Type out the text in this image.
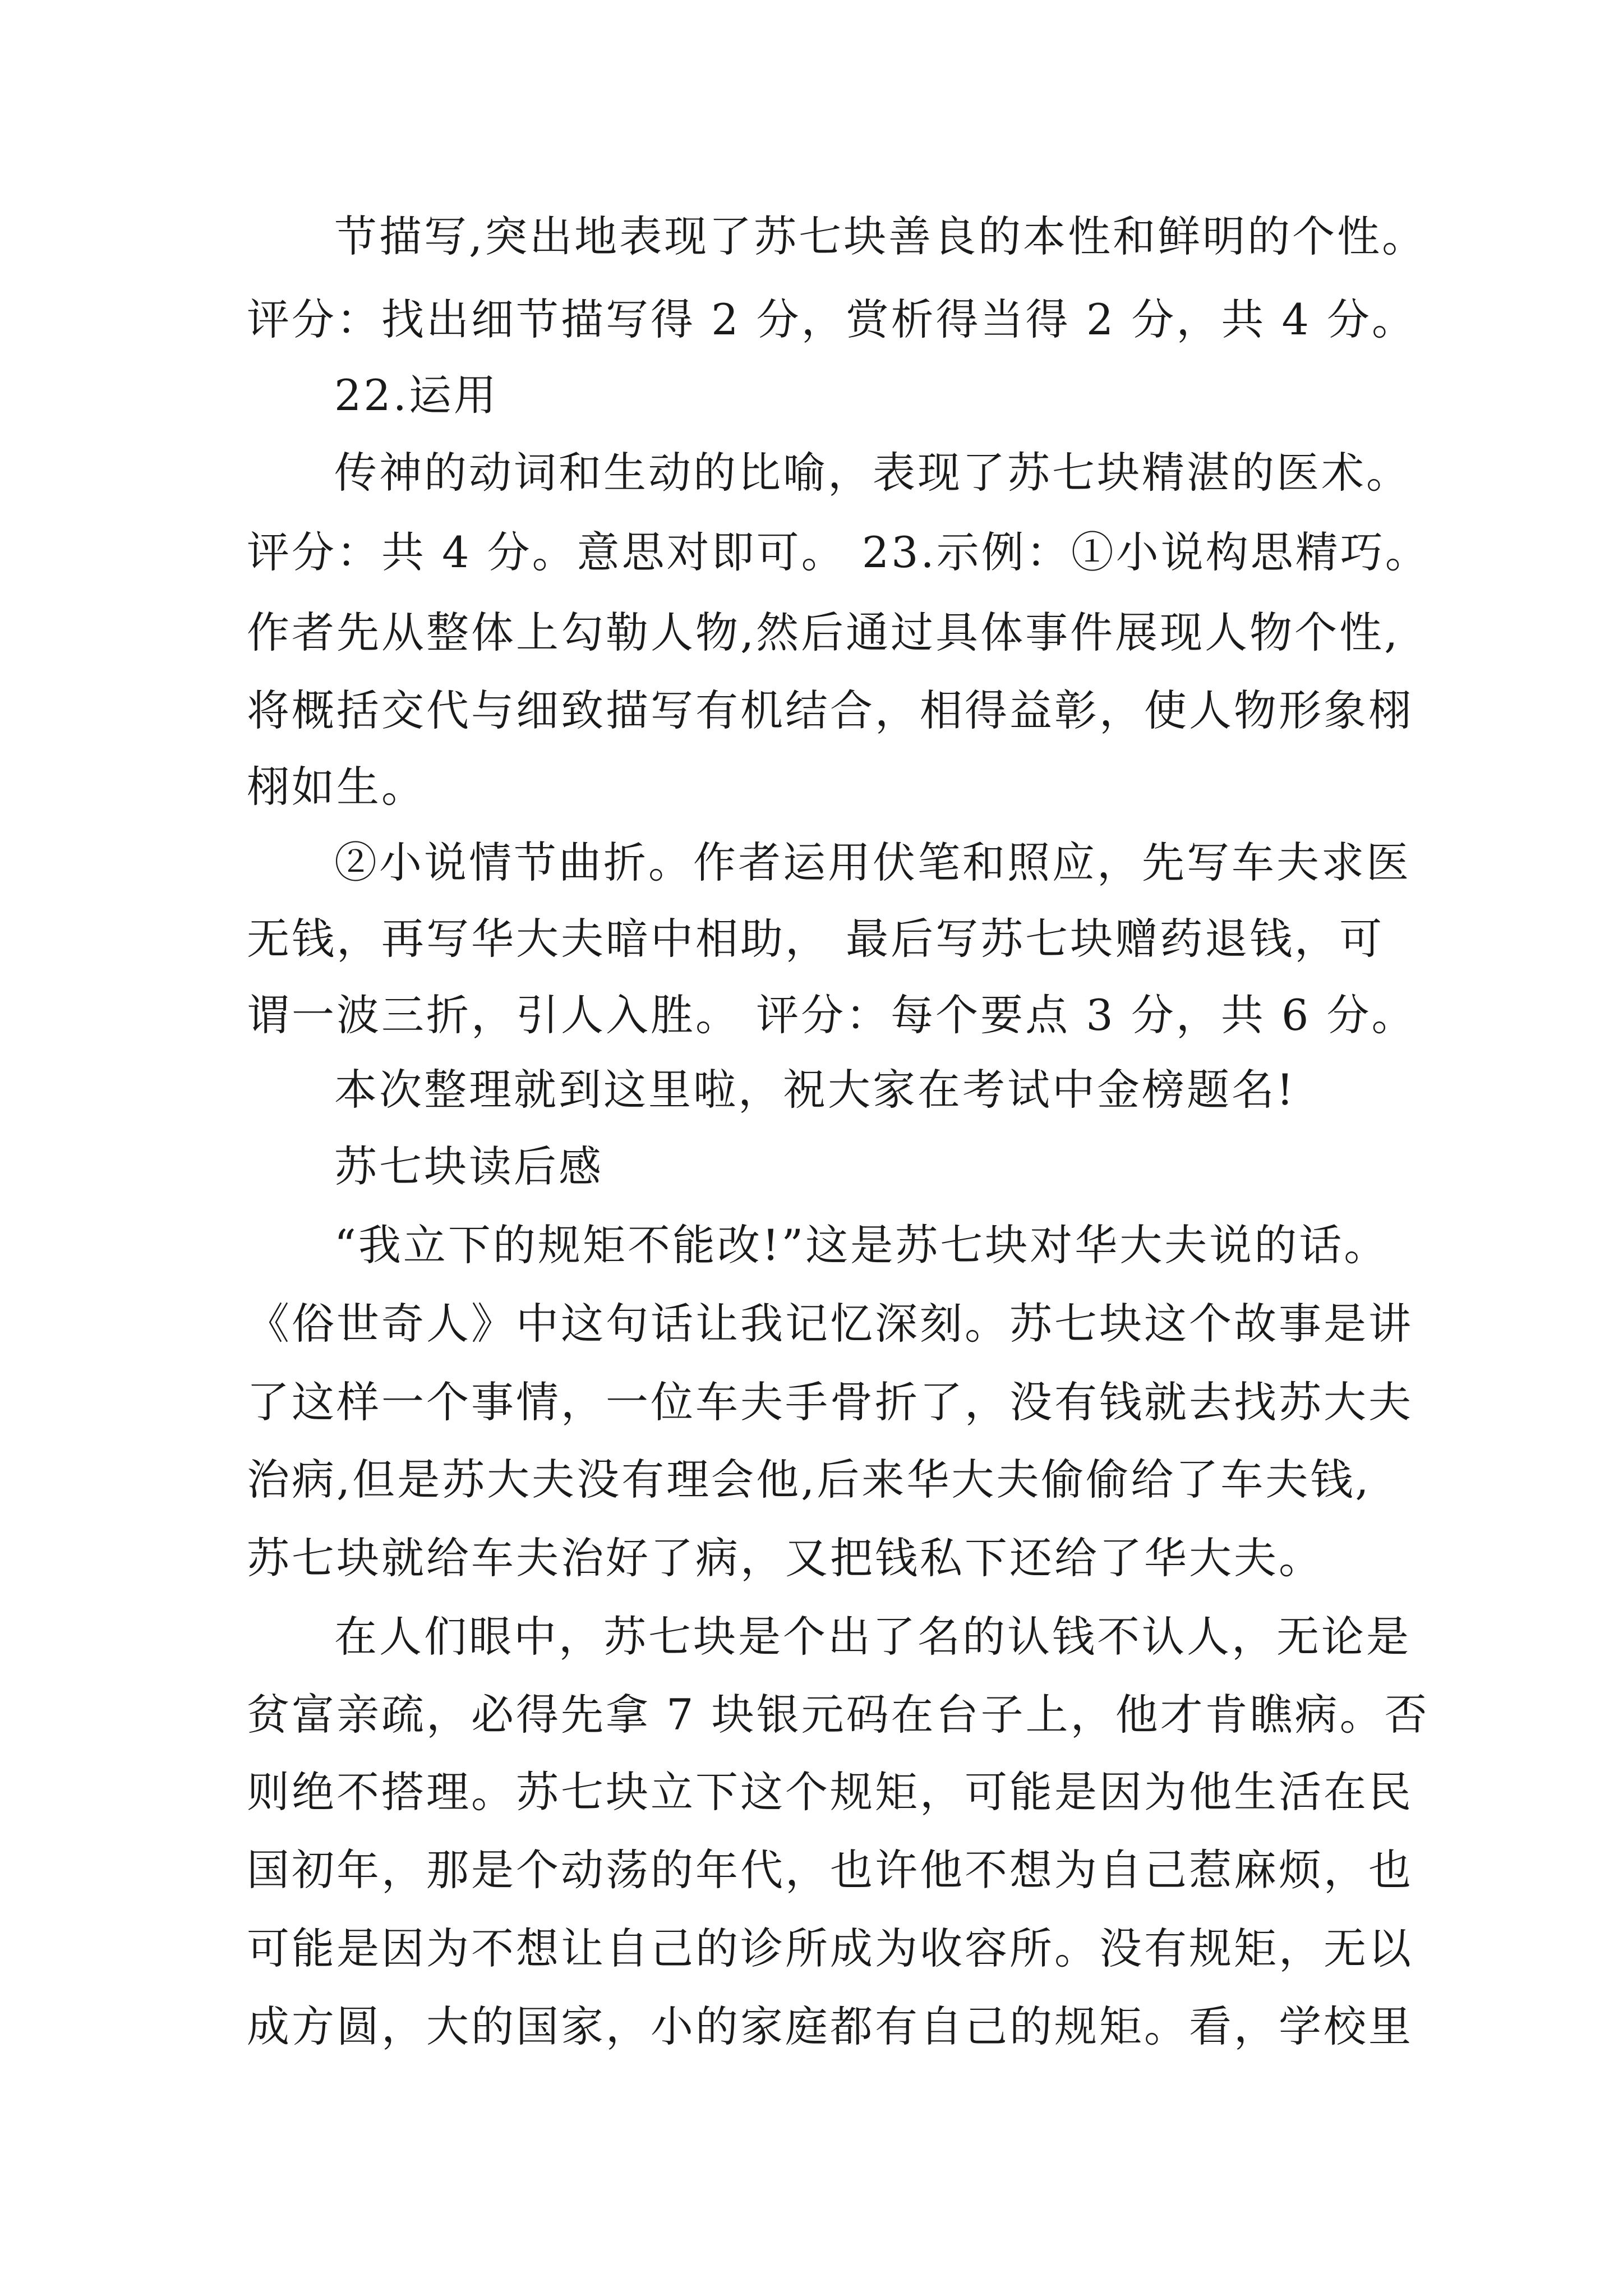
节描写,突出地表现了苏七块善良的本性和鲜明的个性。
评分：找出细节描写得 2 分，赏析得当得 2 分，共 4 分。
22.运用
传神的动词和生动的比喻，表现了苏七块精湛的医术。
评分：共 4 分。意思对即可。 23.示例：①小说构思精巧。
作者先从整体上勾勒人物,然后通过具体事件展现人物个性,
将概括交代与细致描写有机结合，相得益彰，使人物形象栩
栩如生。
②小说情节曲折。作者运用伏笔和照应，先写车夫求医
无钱，再写华大夫暗中相助， 最后写苏七块赠药退钱，可
谓一波三折，引人入胜。 评分：每个要点 3 分，共 6 分。
本次整理就到这里啦，祝大家在考试中金榜题名!
苏七块读后感
“我立下的规矩不能改!”这是苏七块对华大夫说的话。
《俗世奇人》中这句话让我记忆深刻。苏七块这个故事是讲
了这样一个事情，一位车夫手骨折了，没有钱就去找苏大夫
治病,但是苏大夫没有理会他,后来华大夫偷偷给了车夫钱,
苏七块就给车夫治好了病，又把钱私下还给了华大夫。
在人们眼中，苏七块是个出了名的认钱不认人，无论是
贫富亲疏，必得先拿 7 块银元码在台子上，他才肯瞧病。否
则绝不搭理。苏七块立下这个规矩，可能是因为他生活在民
国初年，那是个动荡的年代，也许他不想为自己惹麻烦，也
可能是因为不想让自己的诊所成为收容所。没有规矩，无以
成方圆，大的国家，小的家庭都有自己的规矩。看，学校里
